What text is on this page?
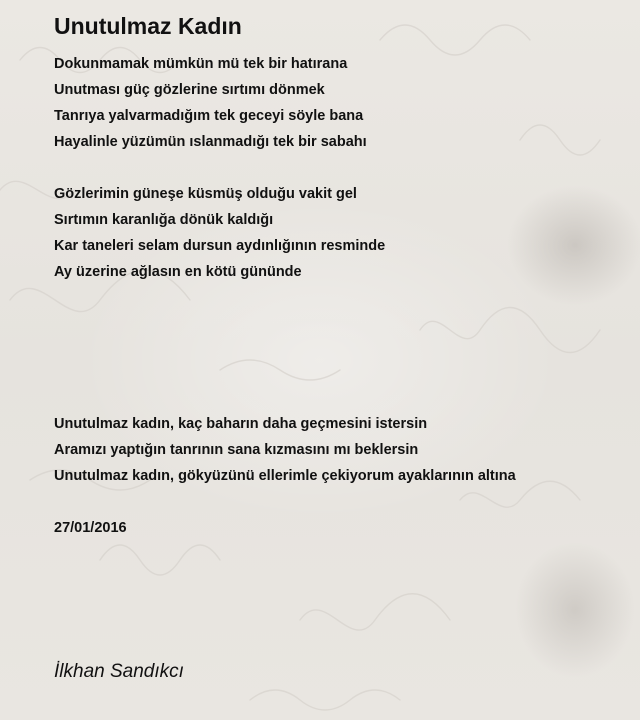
Unutulmaz Kadın
Dokunmamak mümkün mü tek bir hatırana
Unutması güç gözlerine sırtımı dönmek
Tanrıya yalvarmadığım tek geceyi söyle bana
Hayalinle yüzümün ıslanmadığı tek bir sabahı
Gözlerimin güneşe küsmüş olduğu vakit gel
Sırtımın karanlığa dönük kaldığı
Kar taneleri selam dursun aydınlığının resminde
Ay üzerine ağlasın en kötü gününde
Unutulmaz kadın, kaç baharın daha geçmesini istersin
Aramızı yaptığın tanrının sana kızmasını mı beklersin
Unutulmaz kadın, gökyüzünü ellerimle çekiyorum ayaklarının altına
27/01/2016
İlkhan Sandıkcı
